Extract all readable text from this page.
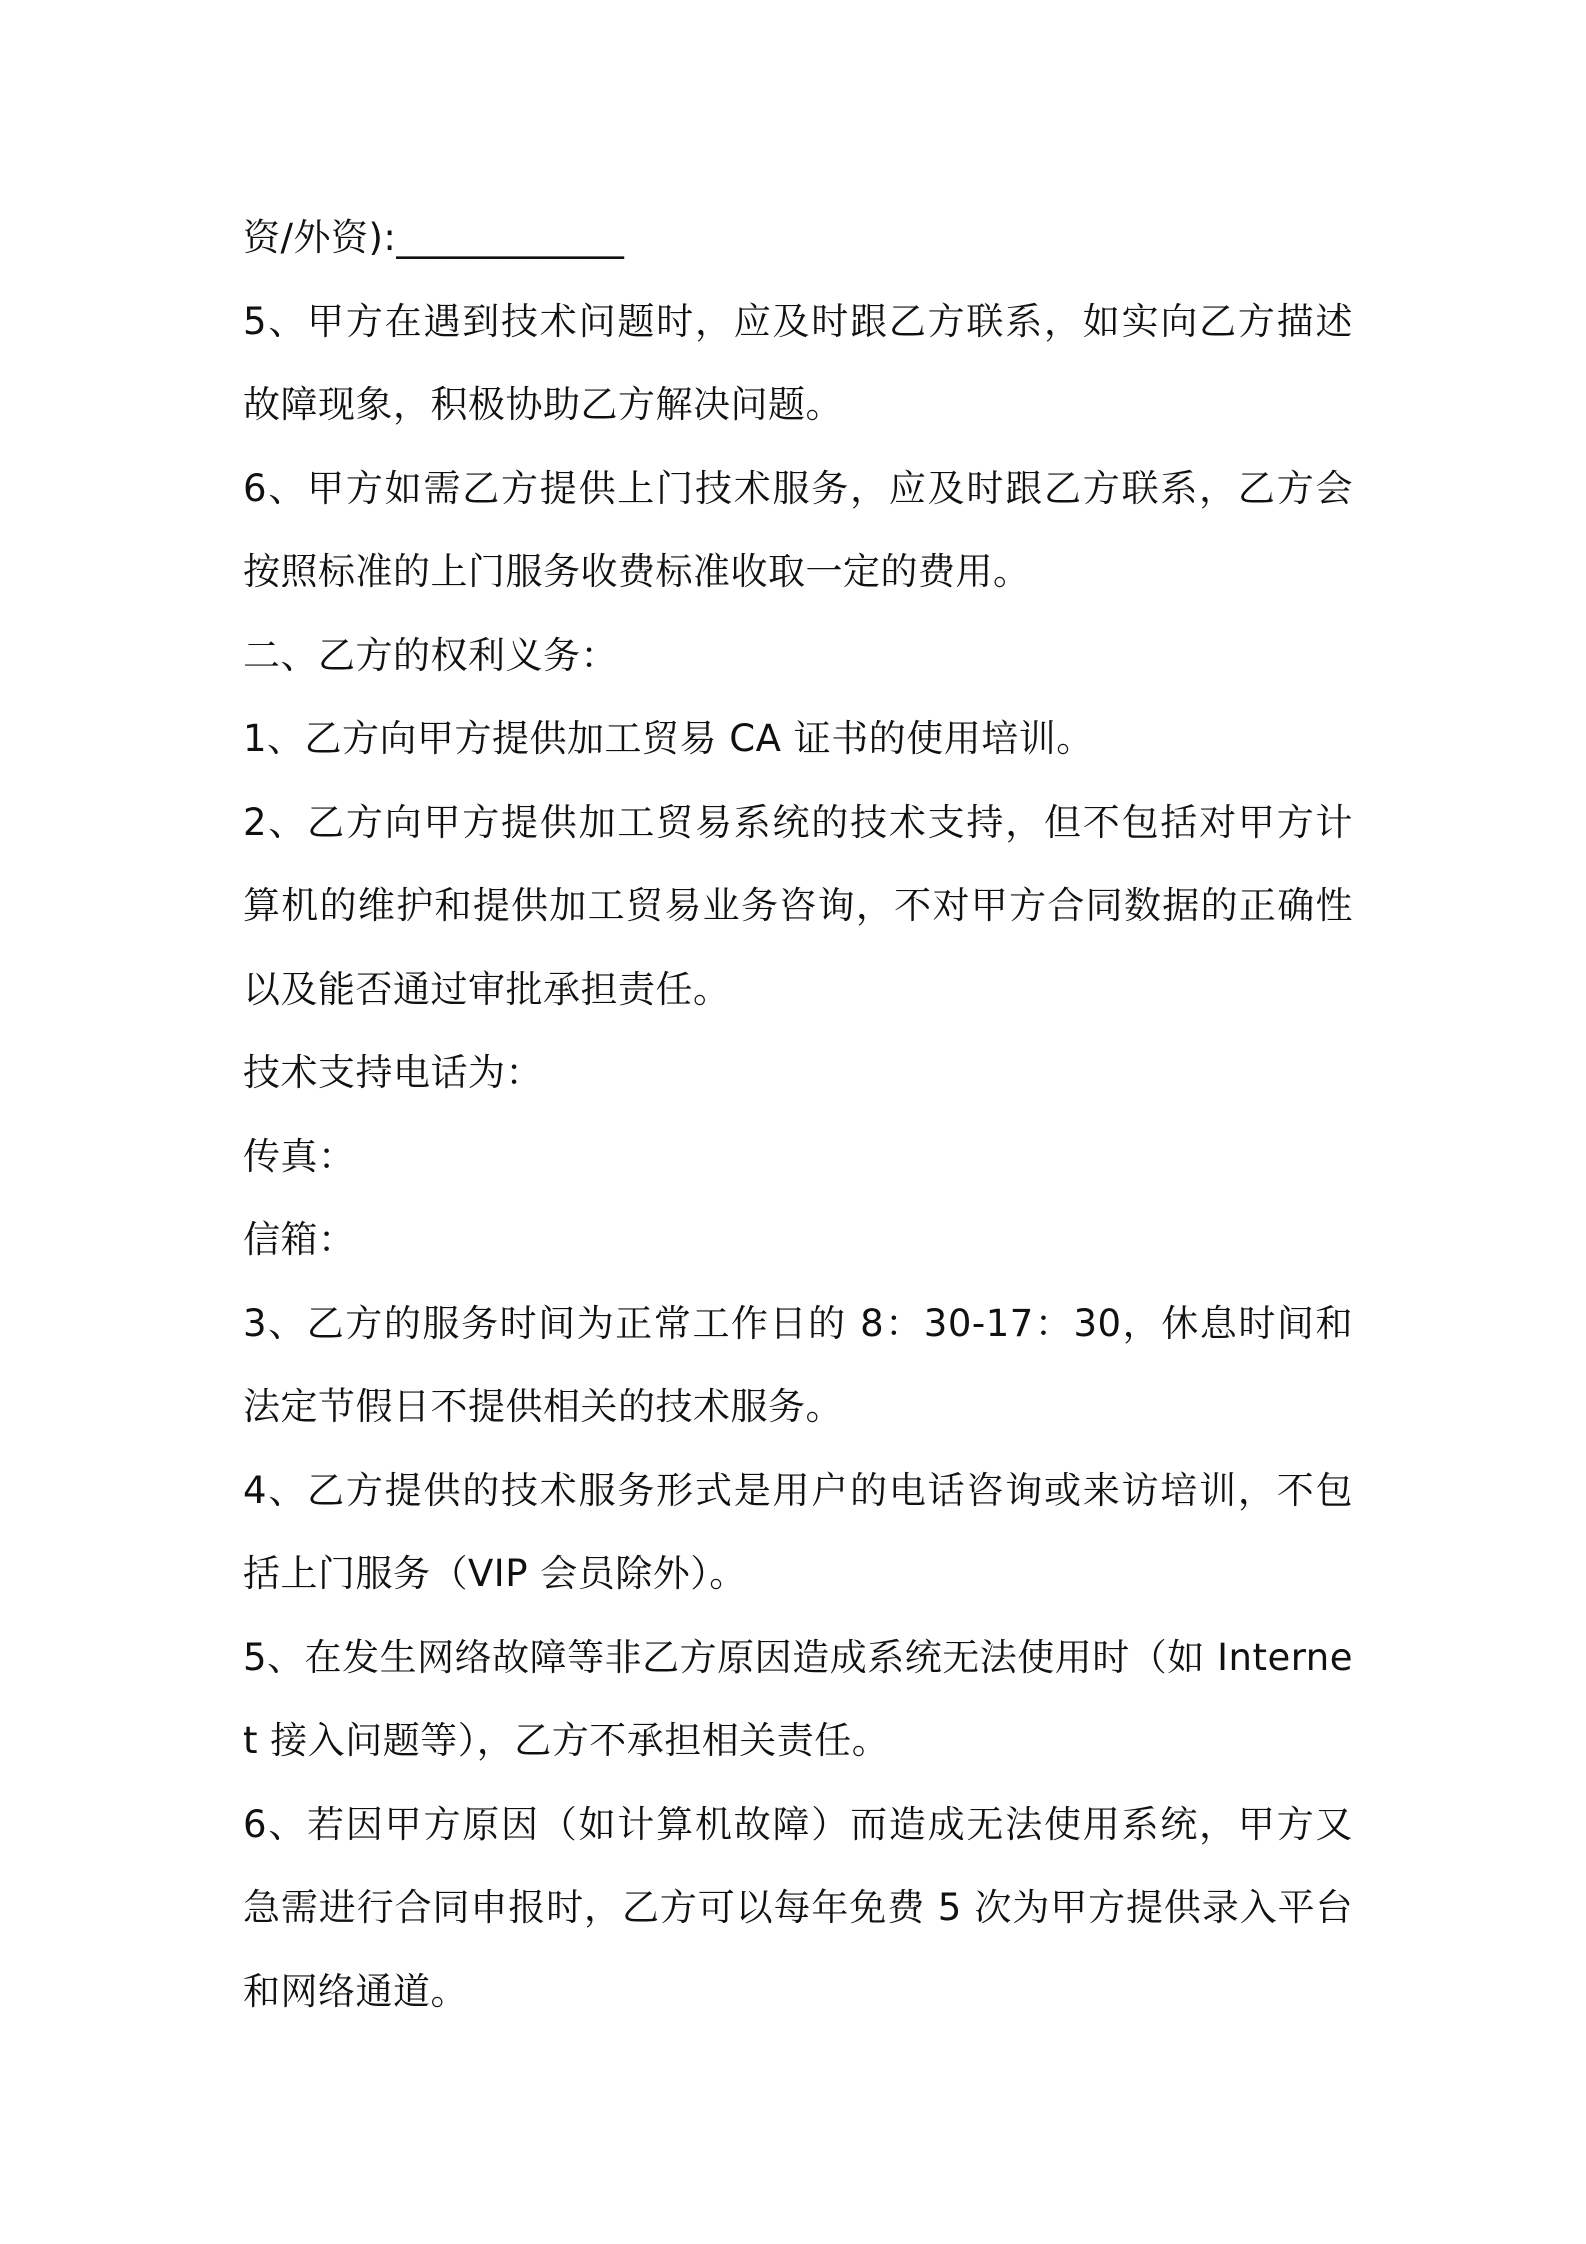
资/外资):____________

5、甲方在遇到技术问题时，应及时跟乙方联系，如实向乙方描述故障现象，积极协助乙方解决问题。

6、甲方如需乙方提供上门技术服务，应及时跟乙方联系，乙方会按照标准的上门服务收费标准收取一定的费用。

二、乙方的权利义务：

1、乙方向甲方提供加工贸易 CA 证书的使用培训。

2、乙方向甲方提供加工贸易系统的技术支持，但不包括对甲方计算机的维护和提供加工贸易业务咨询，不对甲方合同数据的正确性以及能否通过审批承担责任。

技术支持电话为：

传真：

信箱：

3、乙方的服务时间为正常工作日的 8：30-17：30，休息时间和法定节假日不提供相关的技术服务。

4、乙方提供的技术服务形式是用户的电话咨询或来访培训，不包括上门服务（VIP 会员除外）。

5、在发生网络故障等非乙方原因造成系统无法使用时（如 Internet 接入问题等），乙方不承担相关责任。

6、若因甲方原因（如计算机故障）而造成无法使用系统，甲方又急需进行合同申报时，乙方可以每年免费 5 次为甲方提供录入平台和网络通道。
